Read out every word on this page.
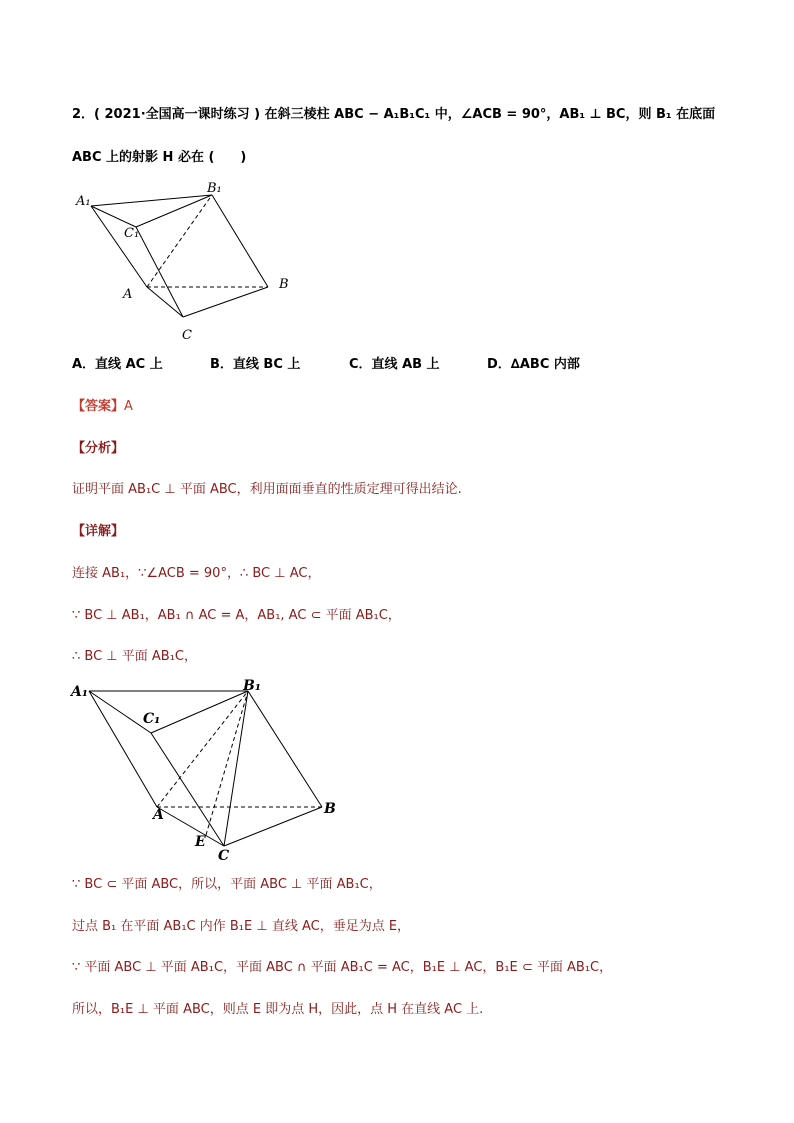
2．( 2021·全国高一课时练习 ) 在斜三棱柱 ABC − A₁B₁C₁ 中，∠ACB = 90°，AB₁ ⊥ BC，则 B₁ 在底面
ABC 上的射影 H 必在 (　　)
A₁
B₁
C₁
A
B
C
A．直线 AC 上	B．直线 BC 上	C．直线 AB 上	D．∆ABC 内部
【答案】A
【分析】
证明平面 AB₁C ⊥ 平面 ABC，利用面面垂直的性质定理可得出结论.
【详解】
连接 AB₁，∵∠ACB = 90°，∴ BC ⊥ AC，
∵ BC ⊥ AB₁，AB₁ ∩ AC = A，AB₁, AC ⊂ 平面 AB₁C，
∴ BC ⊥ 平面 AB₁C，
A₁	B₁
C₁
A	B
C
E
∵ BC ⊂ 平面 ABC，所以，平面 ABC ⊥ 平面 AB₁C，
过点 B₁ 在平面 AB₁C 内作 B₁E ⊥ 直线 AC，垂足为点 E，
∵ 平面 ABC ⊥ 平面 AB₁C，平面 ABC ∩ 平面 AB₁C = AC，B₁E ⊥ AC，B₁E ⊂ 平面 AB₁C，
所以，B₁E ⊥ 平面 ABC，则点 E 即为点 H，因此，点 H 在直线 AC 上.
